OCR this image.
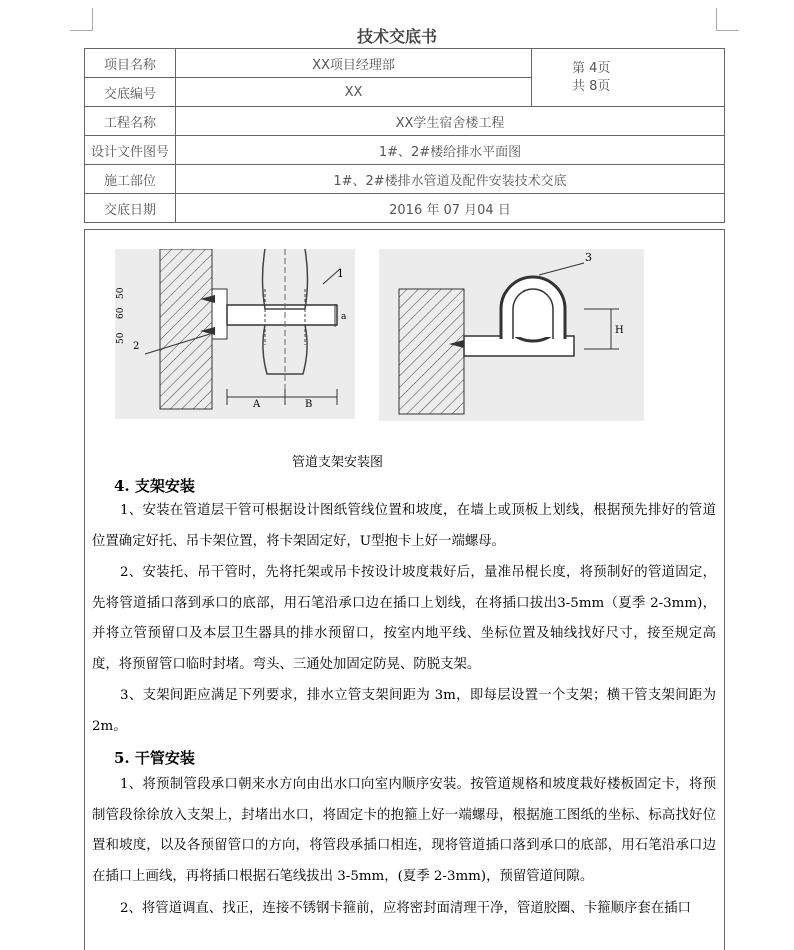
技术交底书
项目名称	XX项目经理部	第 4页
共 8页

交底编号	XX	
工程名称	XX学生宿舍楼工程	
设计文件图号	1#、2#楼给排水平面图	
施工部位	1#、2#楼排水管道及配件安装技术交底	
交底日期	2016 年 07 月04 日	
A	B
1
2
a
50
60
50
3
H
管道支架安装图
4. 支架安装

1、安装在管道层干管可根据设计图纸管线位置和坡度，在墙上或顶板上划线，根据预先排好的管道位置确定好托、吊卡架位置，将卡架固定好，U型抱卡上好一端螺母。

2、安装托、吊干管时，先将托架或吊卡按设计坡度栽好后，量准吊棍长度，将预制好的管道固定，先将管道插口落到承口的底部，用石笔沿承口边在插口上划线，在将插口拔出3-5mm（夏季 2-3mm)，并将立管预留口及本层卫生器具的排水预留口，按室内地平线、坐标位置及轴线找好尺寸，接至规定高度，将预留管口临时封堵。弯头、三通处加固定防晃、防脱支架。

3、支架间距应满足下列要求，排水立管支架间距为 3m，即每层设置一个支架；横干管支架间距为 2m。

5. 干管安装

1、将预制管段承口朝来水方向由出水口向室内顺序安装。按管道规格和坡度栽好楼板固定卡，将预制管段徐徐放入支架上，封堵出水口，将固定卡的抱箍上好一端螺母，根据施工图纸的坐标、标高找好位置和坡度，以及各预留管口的方向，将管段承插口相连，现将管道插口落到承口的底部，用石笔沿承口边在插口上画线，再将插口根据石笔线拔出 3-5mm，(夏季 2-3mm)，预留管道间隙。

2、将管道调直、找正，连接不锈钢卡箍前，应将密封面清理干净，管道胶圈、卡箍顺序套在插口
